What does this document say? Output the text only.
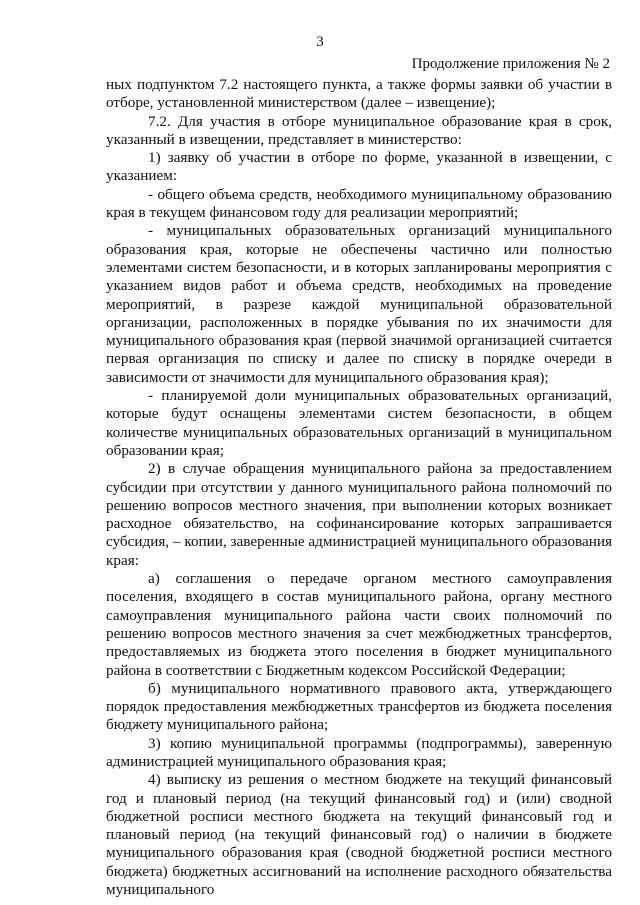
3
Продолжение приложения № 2

ных подпунктом 7.2 настоящего пункта, а также формы заявки об участии в отборе, установленной министерством (далее – извещение);

7.2. Для участия в отборе муниципальное образование края в срок, указанный в извещении, представляет в министерство:

1) заявку об участии в отборе по форме, указанной в извещении, с указанием:

- общего объема средств, необходимого муниципальному образованию края в текущем финансовом году для реализации мероприятий;

- муниципальных образовательных организаций муниципального образования края, которые не обеспечены частично или полностью элементами систем безопасности, и в которых запланированы мероприятия с указанием видов работ и объема средств, необходимых на проведение мероприятий, в разрезе каждой муниципальной образовательной организации, расположенных в порядке убывания по их значимости для муниципального образования края (первой значимой организацией считается первая организация по списку и далее по списку в порядке очереди в зависимости от значимости для муниципального образования края);

- планируемой доли муниципальных образовательных организаций, которые будут оснащены элементами систем безопасности, в общем количестве муниципальных образовательных организаций в муниципальном образовании края;

2) в случае обращения муниципального района за предоставлением субсидии при отсутствии у данного муниципального района полномочий по решению вопросов местного значения, при выполнении которых возникает расходное обязательство, на софинансирование которых запрашивается субсидия, – копии, заверенные администрацией муниципального образования края:

а) соглашения о передаче органом местного самоуправления поселения, входящего в состав муниципального района, органу местного самоуправления муниципального района части своих полномочий по решению вопросов местного значения за счет межбюджетных трансфертов, предоставляемых из бюджета этого поселения в бюджет муниципального района в соответствии с Бюджетным кодексом Российской Федерации;

б) муниципального нормативного правового акта, утверждающего порядок предоставления межбюджетных трансфертов из бюджета поселения бюджету муниципального района;

3) копию муниципальной программы (подпрограммы), заверенную администрацией муниципального образования края;

4) выписку из решения о местном бюджете на текущий финансовый год и плановый период (на текущий финансовый год) и (или) сводной бюджетной росписи местного бюджета на текущий финансовый год и плановый период (на текущий финансовый год) о наличии в бюджете муниципального образования края (сводной бюджетной росписи местного бюджета) бюджетных ассигнований на исполнение расходного обязательства муниципального
